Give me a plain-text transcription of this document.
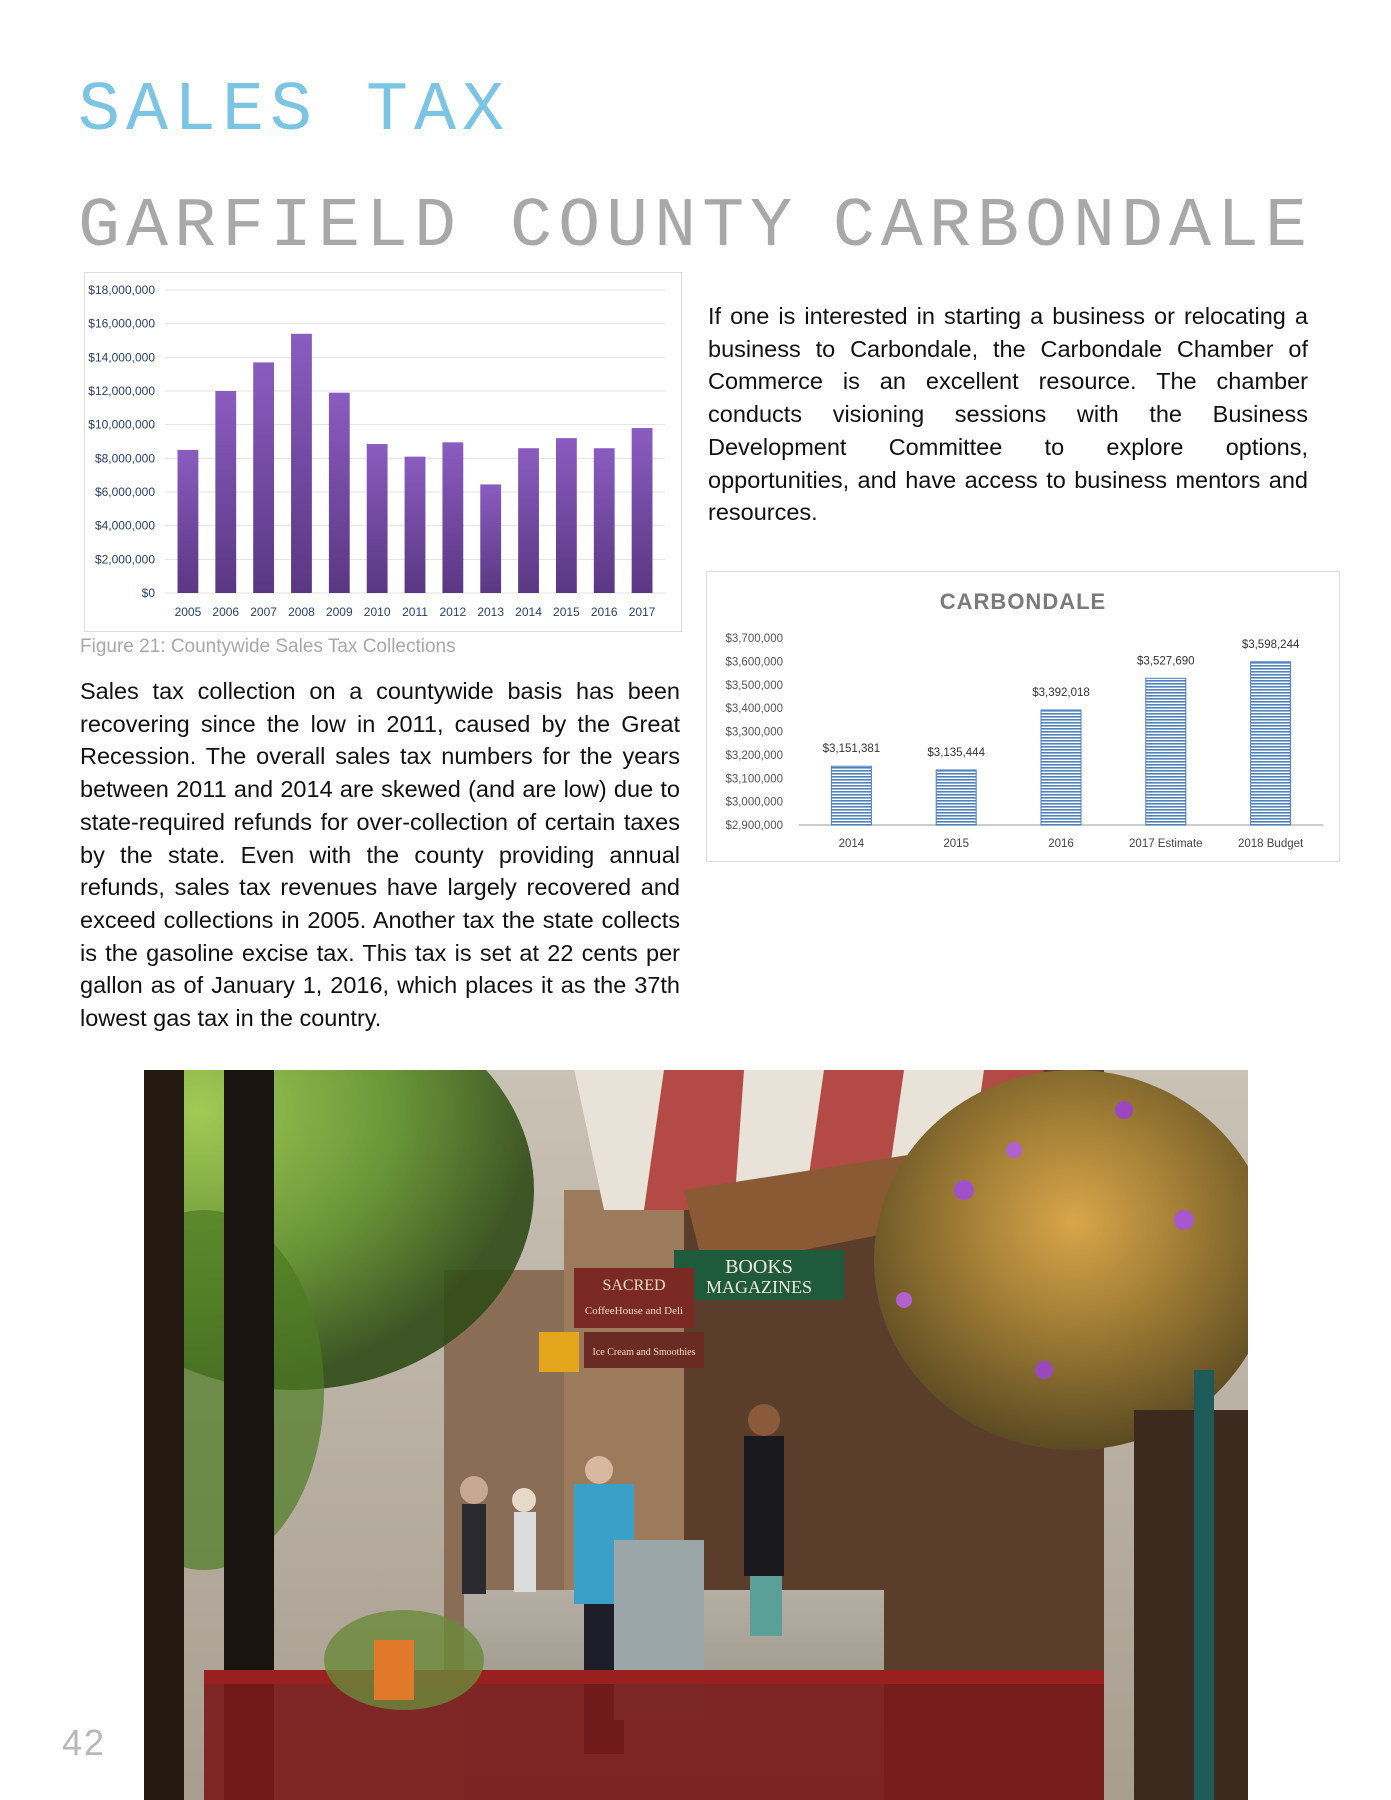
SALES TAX
GARFIELD COUNTY CARBONDALE
$0
$2,000,000
$4,000,000
$6,000,000
$8,000,000
$10,000,000
$12,000,000
$14,000,000
$16,000,000
$18,000,000
2005 2006 2007 2008 2009 2010 2011 2012 2013 2014 2015 2016 2017
Figure 21: Countywide Sales Tax Collections
Sales tax collection on a countywide basis has been recovering since the low in 2011, caused by the Great Recession. The overall sales tax numbers for the years between 2011 and 2014 are skewed (and are low) due to state-required refunds for over-collection of certain taxes by the state. Even with the county providing annual refunds, sales tax revenues have largely recovered and exceed collections in 2005. Another tax the state collects is the gasoline excise tax. This tax is set at 22 cents per gallon as of January 1, 2016, which places it as the 37th lowest gas tax in the country.
If one is interested in starting a business or relocating a business to Carbondale, the Carbondale Chamber of Commerce is an excellent resource. The chamber conducts visioning sessions with the Business Development Committee to explore options, opportunities, and have access to business mentors and resources.
CARBONDALE
$2,900,000
$3,000,000
$3,100,000
$3,200,000
$3,300,000
$3,400,000
$3,500,000
$3,600,000
$3,700,000
$3,151,381
2014
$3,135,444
2015
$3,392,018
2016
$3,527,690
2017 Estimate
$3,598,244
2018 Budget
BOOKS
MAGAZINES
SACRED
CoffeeHouse and Deli
Ice Cream and Smoothies
42
